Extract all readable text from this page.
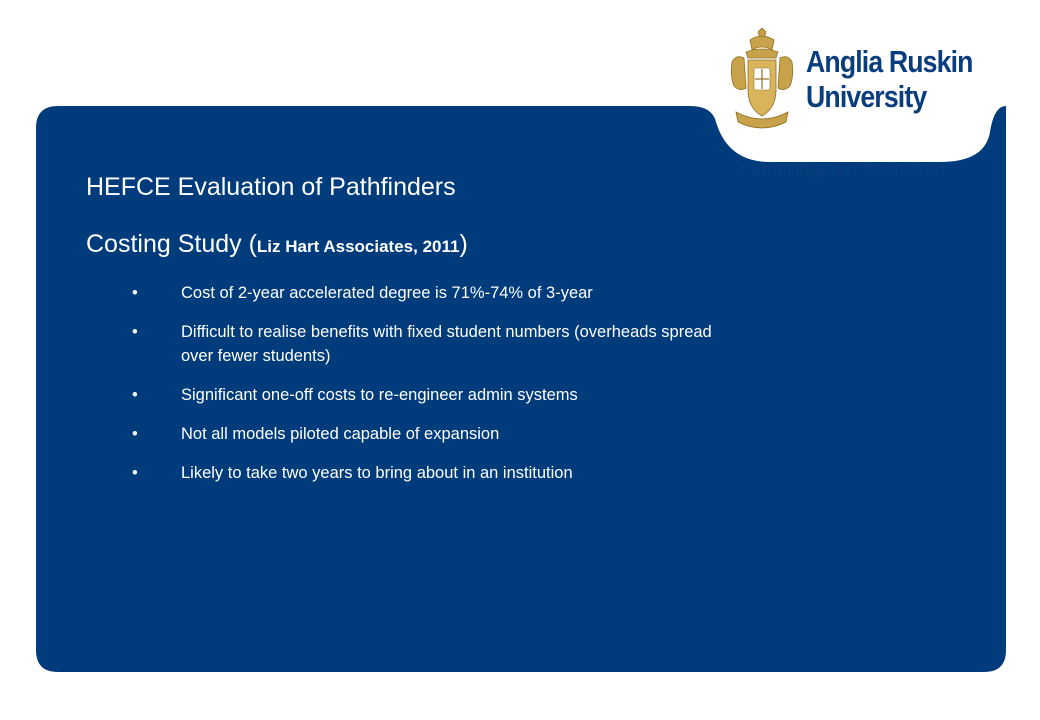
Anglia Ruskin
University
Cambridge & Chelmsford
HEFCE Evaluation of Pathfinders
Costing Study (Liz Hart Associates, 2011)
•	Cost of 2-year accelerated degree is 71%-74% of 3-year
•	Difficult to realise benefits with fixed student numbers (overheads spread over fewer students)
•	Significant one-off costs to re-engineer admin systems
•	Not all models piloted capable of expansion
•	Likely to take two years to bring about in an institution
